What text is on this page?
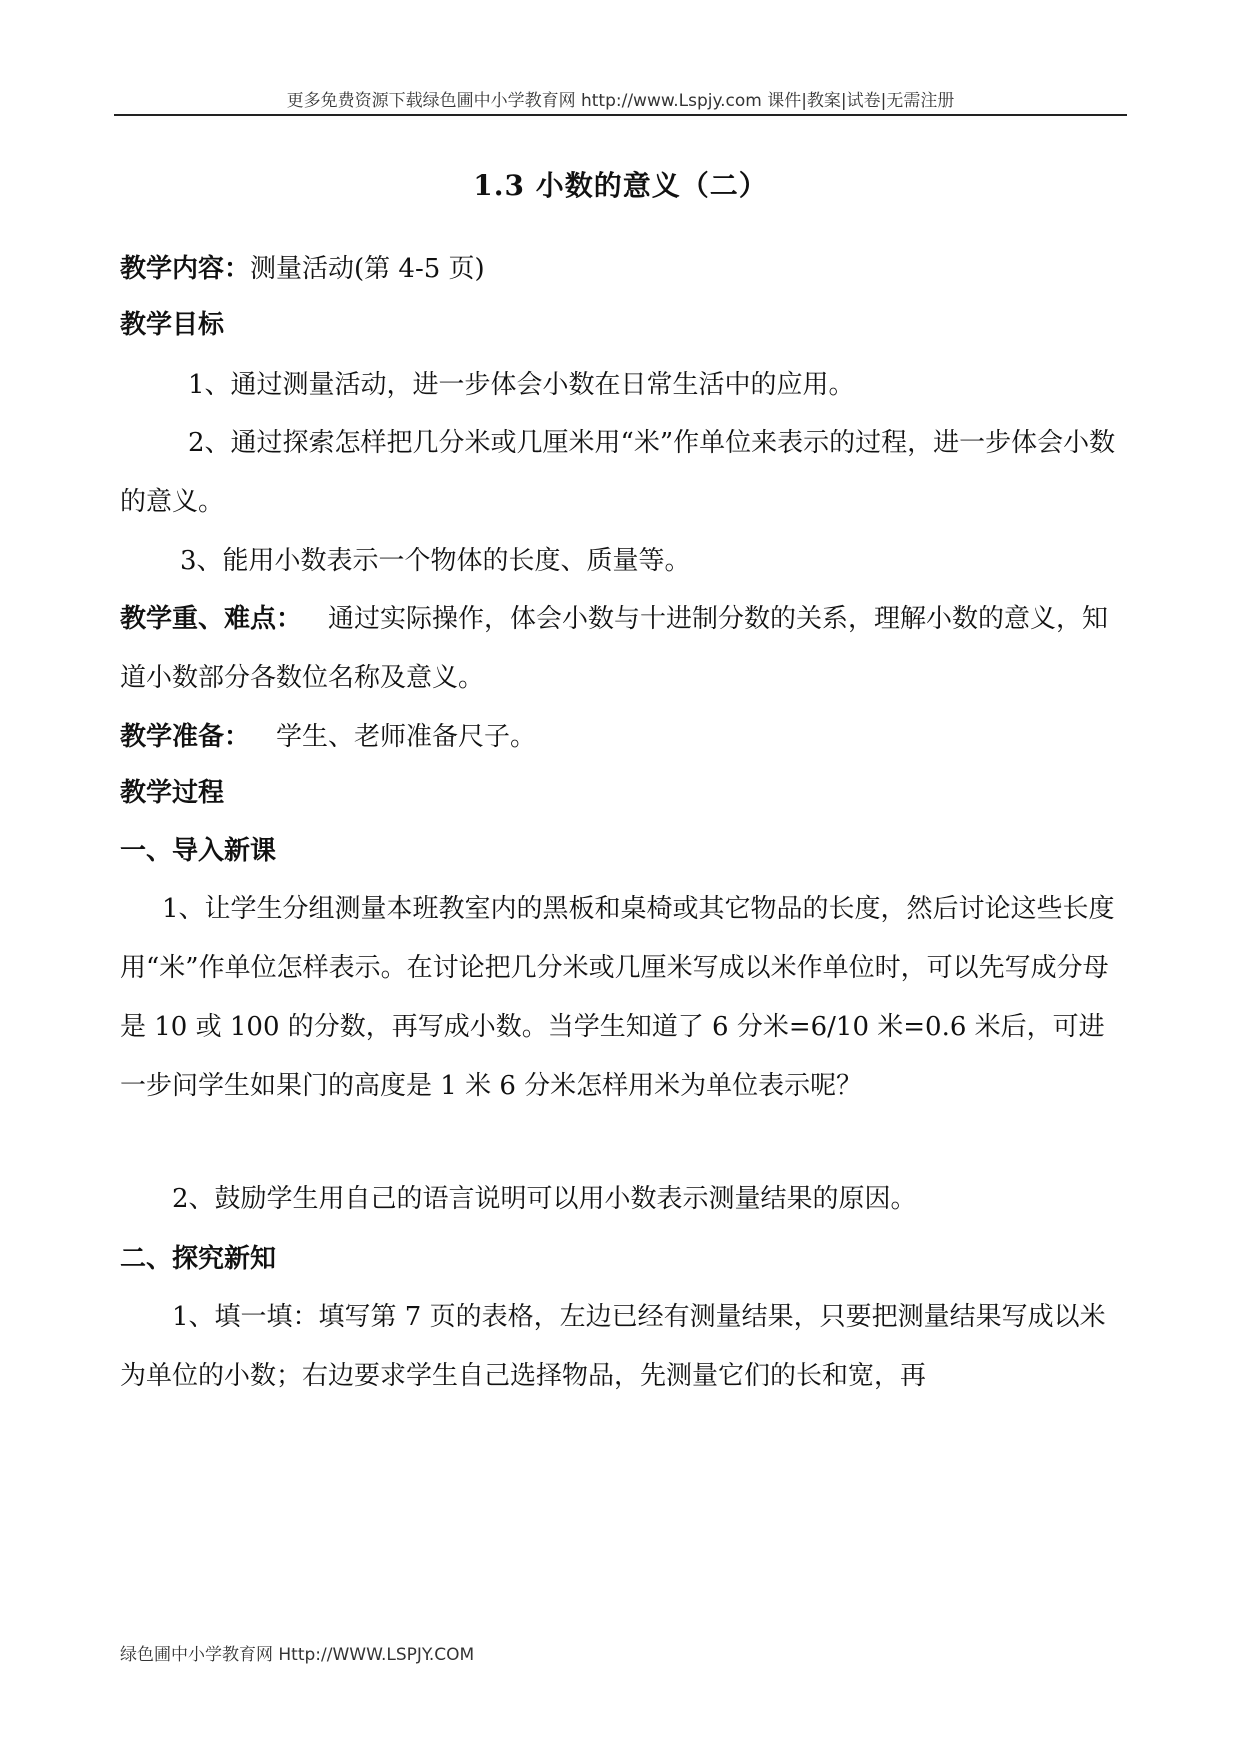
更多免费资源下载绿色圃中小学教育网 http://www.Lspjy.com 课件|教案|试卷|无需注册
1.3 小数的意义（二）

教学内容：测量活动(第 4-5 页)

教学目标

1、通过测量活动，进一步体会小数在日常生活中的应用。

2、通过探索怎样把几分米或几厘米用“米”作单位来表示的过程，进一步体会小数的意义。

3、能用小数表示一个物体的长度、质量等。

教学重、难点： 通过实际操作，体会小数与十进制分数的关系，理解小数的意义，知道小数部分各数位名称及意义。

教学准备： 学生、老师准备尺子。

教学过程

一、导入新课

1、让学生分组测量本班教室内的黑板和桌椅或其它物品的长度，然后讨论这些长度用“米”作单位怎样表示。在讨论把几分米或几厘米写成以米作单位时，可以先写成分母是 10 或 100 的分数，再写成小数。当学生知道了 6 分米=6/10 米=0.6 米后，可进一步问学生如果门的高度是 1 米 6 分米怎样用米为单位表示呢？

2、鼓励学生用自己的语言说明可以用小数表示测量结果的原因。

二、探究新知

1、填一填：填写第 7 页的表格，左边已经有测量结果，只要把测量结果写成以米为单位的小数；右边要求学生自己选择物品，先测量它们的长和宽，再

绿色圃中小学教育网 Http://WWW.LSPJY.COM
